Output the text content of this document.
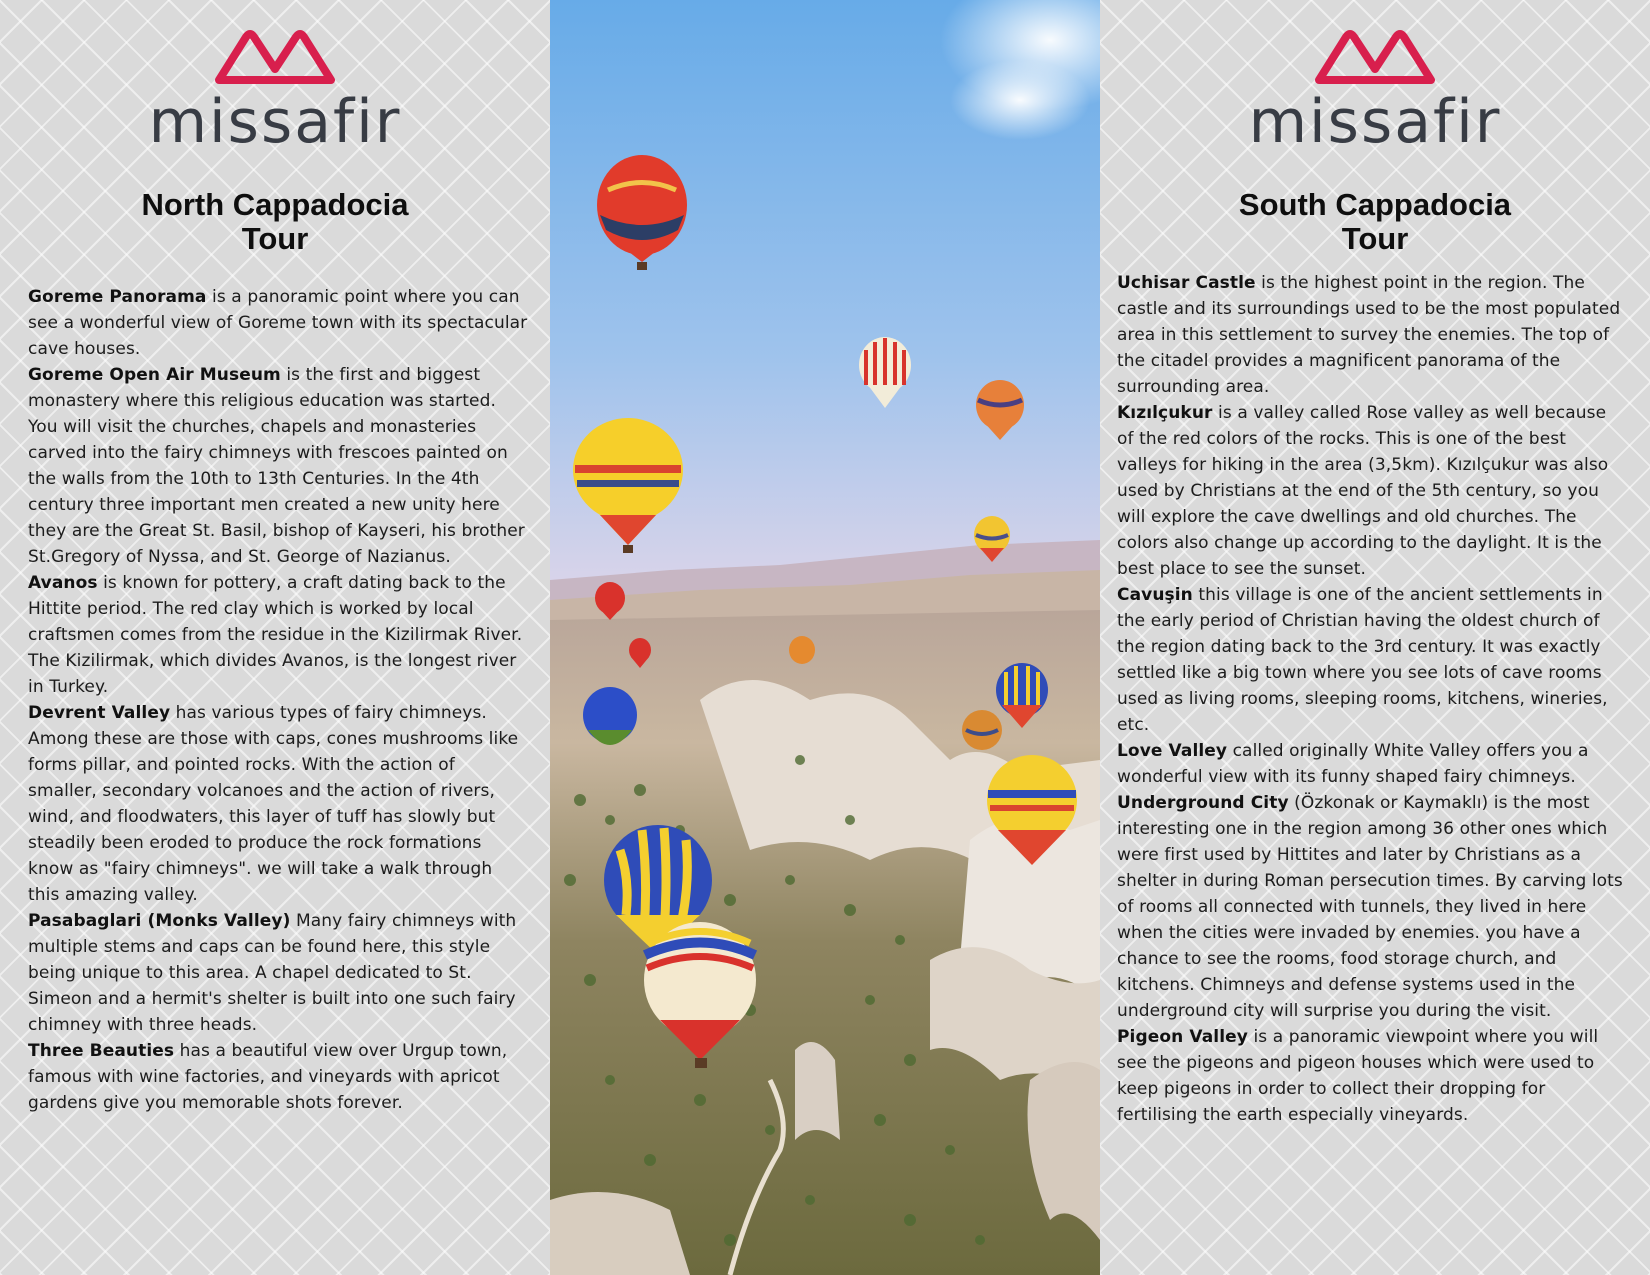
missafir
North Cappadocia
Tour

Goreme Panorama is a panoramic point where you can see a wonderful view of Goreme town with its spectacular cave houses.

Goreme Open Air Museum is the first and biggest monastery where this religious education was started. You will visit the churches, chapels and monasteries carved into the fairy chimneys with frescoes painted on the walls from the 10th to 13th Centuries. In the 4th century three important men created a new unity here they are the Great St. Basil, bishop of Kayseri, his brother St.Gregory of Nyssa, and St. George of Nazianus.

Avanos is known for pottery, a craft dating back to the Hittite period. The red clay which is worked by local craftsmen comes from the residue in the Kizilirmak River. The Kizilirmak, which divides Avanos, is the longest river in Turkey.

Devrent Valley has various types of fairy chimneys. Among these are those with caps, cones mushrooms like forms pillar, and pointed rocks. With the action of smaller, secondary volcanoes and the action of rivers, wind, and floodwaters, this layer of tuff has slowly but steadily been eroded to produce the rock formations know as "fairy chimneys". we will take a walk through this amazing valley.

Pasabaglari (Monks Valley) Many fairy chimneys with multiple stems and caps can be found here, this style being unique to this area. A chapel dedicated to St. Simeon and a hermit's shelter is built into one such fairy chimney with three heads.

Three Beauties has a beautiful view over Urgup town, famous with wine factories, and vineyards with apricot gardens give you memorable shots forever.

missafir
South Cappadocia
Tour

Uchisar Castle is the highest point in the region. The castle and its surroundings used to be the most populated area in this settlement to survey the enemies. The top of the citadel provides a magnificent panorama of the surrounding area.

Kızılçukur is a valley called Rose valley as well because of the red colors of the rocks. This is one of the best valleys for hiking in the area (3,5km). Kızılçukur was also used by Christians at the end of the 5th century, so you will explore the cave dwellings and old churches. The colors also change up according to the daylight. It is the best place to see the sunset.

Cavuşin this village is one of the ancient settlements in the early period of Christian having the oldest church of the region dating back to the 3rd century. It was exactly settled like a big town where you see lots of cave rooms used as living rooms, sleeping rooms, kitchens, wineries, etc.

Love Valley called originally White Valley offers you a wonderful view with its funny shaped fairy chimneys.

Underground City (Özkonak or Kaymaklı) is the most interesting one in the region among 36 other ones which were first used by Hittites and later by Christians as a shelter in during Roman persecution times. By carving lots of rooms all connected with tunnels, they lived in here when the cities were invaded by enemies. you have a chance to see the rooms, food storage church, and kitchens. Chimneys and defense systems used in the underground city will surprise you during the visit.

Pigeon Valley is a panoramic viewpoint where you will see the pigeons and pigeon houses which were used to keep pigeons in order to collect their dropping for fertilising the earth especially vineyards.
